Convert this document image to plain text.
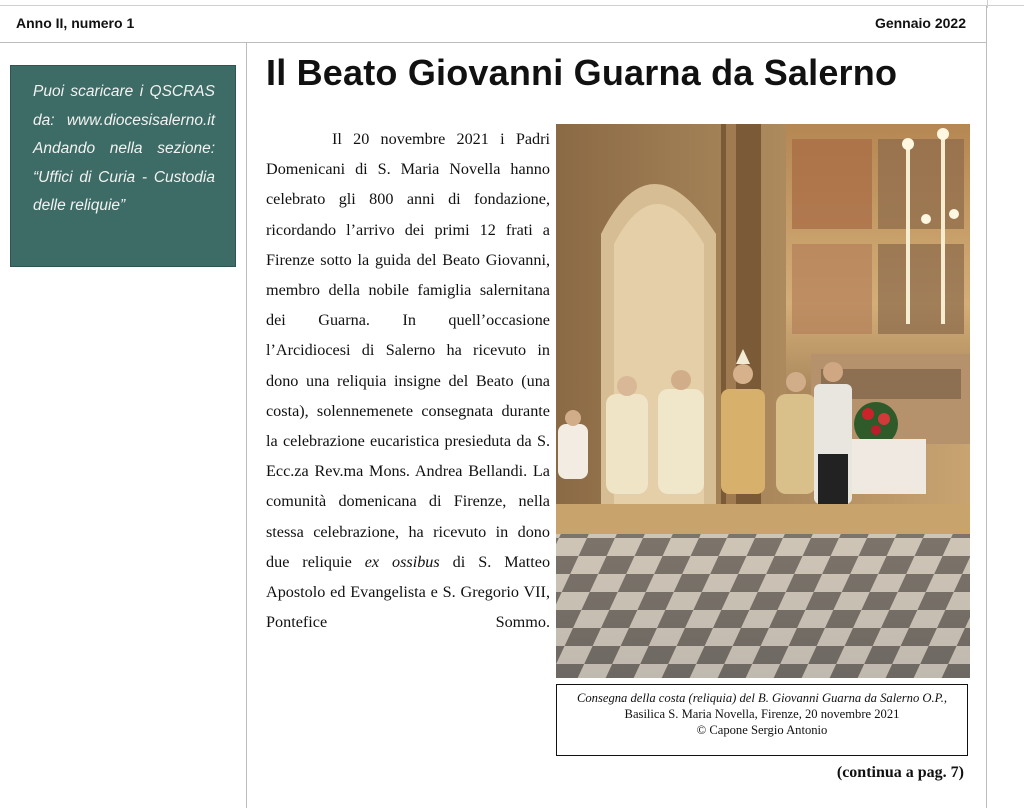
Anno II, numero 1	Gennaio 2022

Puoi scaricare i QSCRAS da: www.diocesisalerno.it Andando nella sezione: “Uffici di Curia - Custodia delle reliquie”

Il Beato Giovanni Guarna da Salerno

Il 20 novembre 2021 i Padri Domenicani di S. Maria Novella hanno celebrato gli 800 anni di fondazione, ricordando l’arrivo dei primi 12 frati a Firenze sotto la guida del Beato Giovanni, membro della nobile famiglia salernitana dei Guarna. In quell’occasione l’Arcidiocesi di Salerno ha ricevuto in dono una reliquia insigne del Beato (una costa), solennemenete consegnata durante la celebrazione eucaristica presieduta da S. Ecc.za Rev.ma Mons. Andrea Bellandi. La comunità domenicana di Firenze, nella stessa celebrazione, ha ricevuto in dono due reliquie ex ossibus di S. Matteo Apostolo ed Evangelista e S. Gregorio VII, Pontefice Sommo.

Consegna della costa (reliquia) del B. Giovanni Guarna da Salerno O.P.,
Basilica S. Maria Novella, Firenze, 20 novembre 2021
© Capone Sergio Antonio
(continua a pag. 7)
